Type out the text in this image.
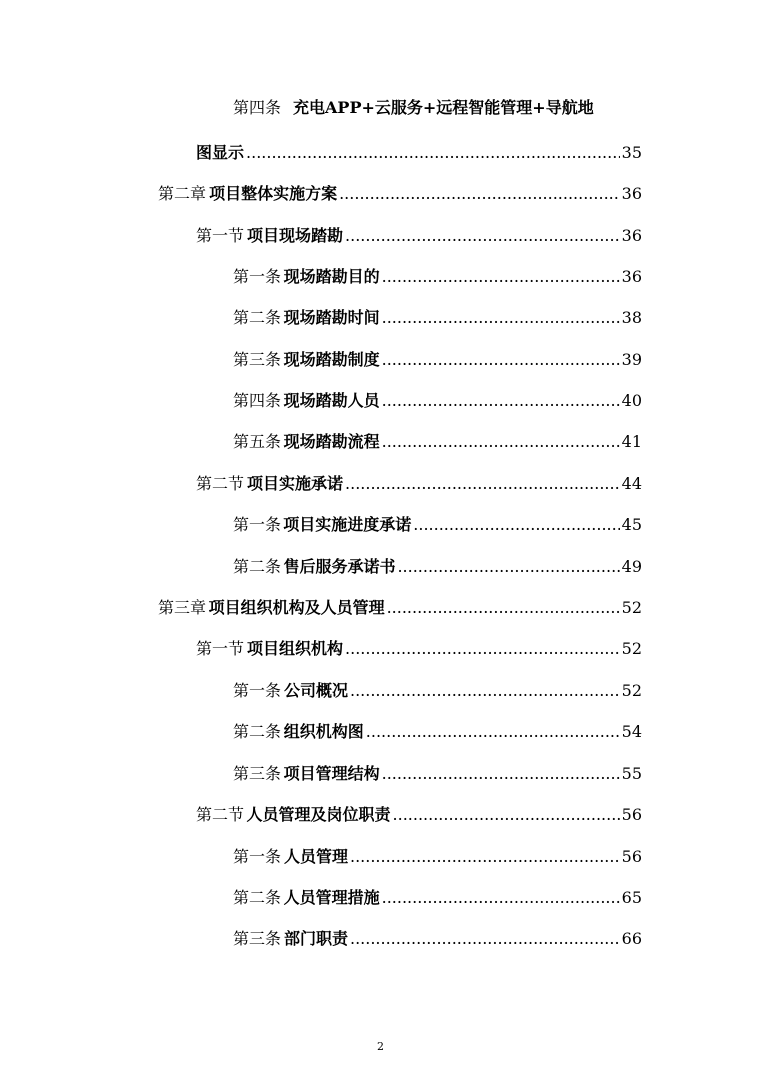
第四条 充电APP+云服务+远程智能管理+导航地
图显示 .....	35
第二章 项目整体实施方案 .....	36
第一节 项目现场踏勘 .....	36
第一条 现场踏勘目的 .....	36
第二条 现场踏勘时间 .....	38
第三条 现场踏勘制度 .....	39
第四条 现场踏勘人员 .....	40
第五条 现场踏勘流程 .....	41
第二节 项目实施承诺 .....	44
第一条 项目实施进度承诺 .....	45
第二条 售后服务承诺书 .....	49
第三章 项目组织机构及人员管理 .....	52
第一节 项目组织机构 .....	52
第一条 公司概况 .....	52
第二条 组织机构图 .....	54
第三条 项目管理结构 .....	55
第二节 人员管理及岗位职责 .....	56
第一条 人员管理 .....	56
第二条 人员管理措施 .....	65
第三条 部门职责 .....	66
2
